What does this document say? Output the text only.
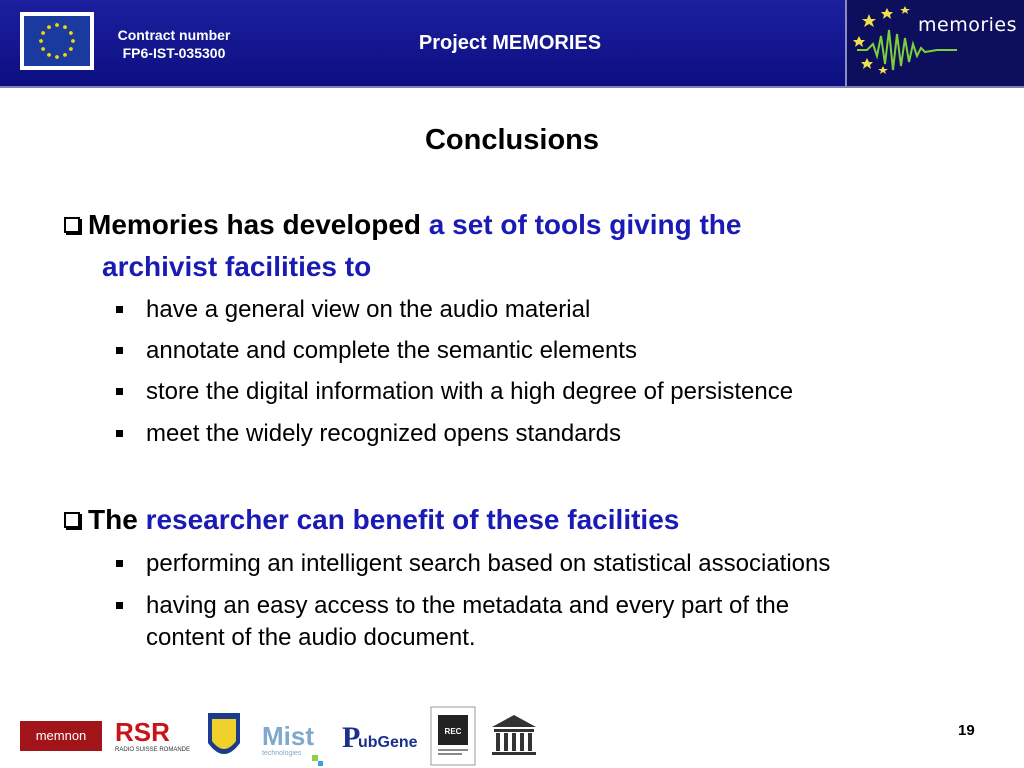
Contract number
FP6-IST-035300	Project MEMORIES
memories
Conclusions
Memories has developed a set of tools giving the
archivist facilities to
have a general view on the audio material
annotate and complete the semantic elements
store the digital information with a high degree of persistence
meet the widely recognized opens standards
The researcher can benefit of these facilities
performing an intelligent search based on statistical associations
having an easy access to the metadata and every part of the
content of the audio document.
memnon RSR
RADIO SUISSE ROMANDE	Mist
technologies P
ubGene
REC	19
